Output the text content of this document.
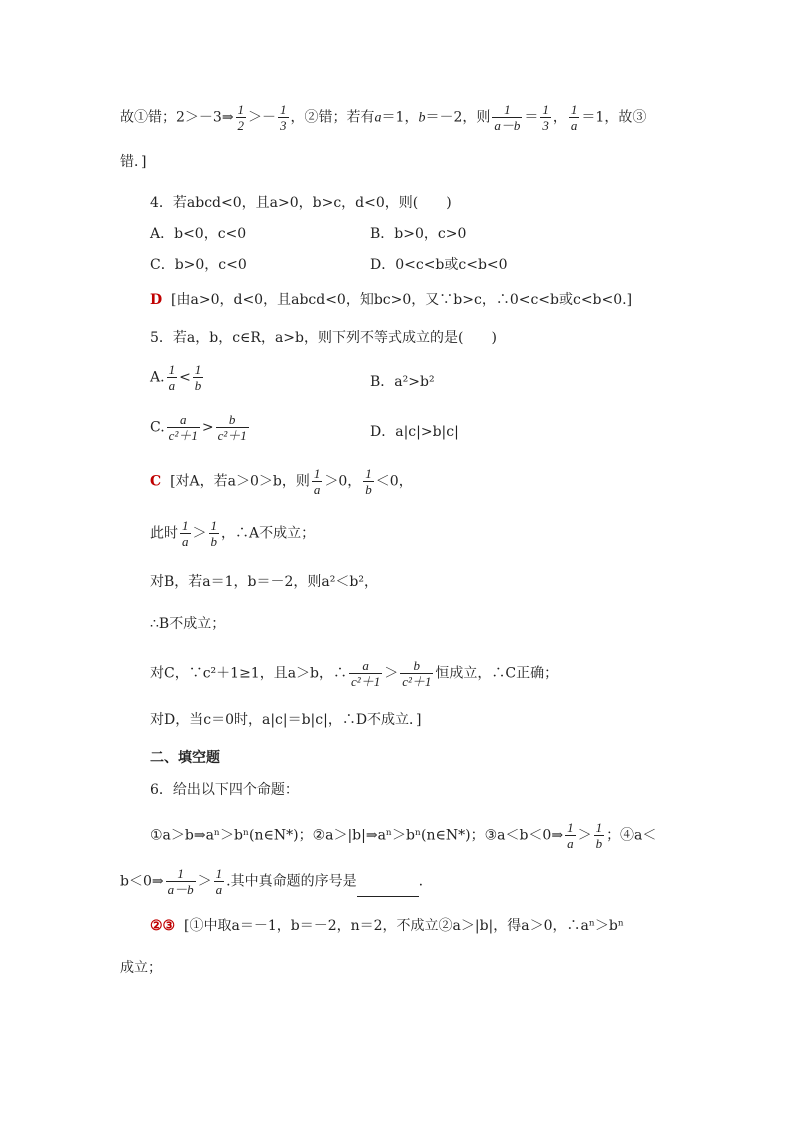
故①错；2＞－3⇒ $\frac{1}{2} >- \frac{1}{3}$ ，②错；若有a＝1，b＝－2，则 $\frac{1}{a-b} = \frac{1}{3}$ ， $\frac{1}{a} =1$，故③
错．]
4．若abcd<0，且a>0，b>c，d<0，则(　　)
A．b<0，c<0	B．b>0，c>0
C．b>0，c<0	D．0<c<b或c<b<0
D [由a>0，d<0，且abcd<0，知bc>0，又∵b>c，∴0<c<b或c<b<0.]
5．若a，b，c∈R，a>b，则下列不等式成立的是(　　)
A. $\frac{1}{a} < \frac{1}{b}$	B．a²>b²
C. $\frac{a}{\text{c²＋1}} > \frac{b}{\text{c²＋1}}$	D．a|c|>b|c|
C [对A，若a＞0＞b，则 $\frac{1}{a} >0$， $\frac{1}{b} <0$，
此时 $\frac{1}{a} > \frac{1}{b}$ ，∴A不成立；
对B，若a＝1，b＝－2，则a²＜b²，
∴B不成立；
对C，∵c²＋1≥1，且a＞b，∴ $\frac{a}{\text{c²＋1}} > \frac{b}{\text{c²＋1}}$ 恒成立，∴C正确；
对D，当c＝0时，a|c|＝b|c|，∴D不成立．]
二、填空题
6．给出以下四个命题：
①a＞b⇒aⁿ＞bⁿ(n∈N*)；②a＞|b|⇒aⁿ＞bⁿ(n∈N*)；③a＜b＜0⇒ $\frac{1}{a} > \frac{1}{b}$ ；④a＜
b＜0⇒ $\frac{1}{a-b} > \frac{1}{a}$ .其中真命题的序号是	.
②③ [①中取a＝－1，b＝－2，n＝2，不成立②a＞|b|，得a＞0，∴aⁿ＞bⁿ
成立；
